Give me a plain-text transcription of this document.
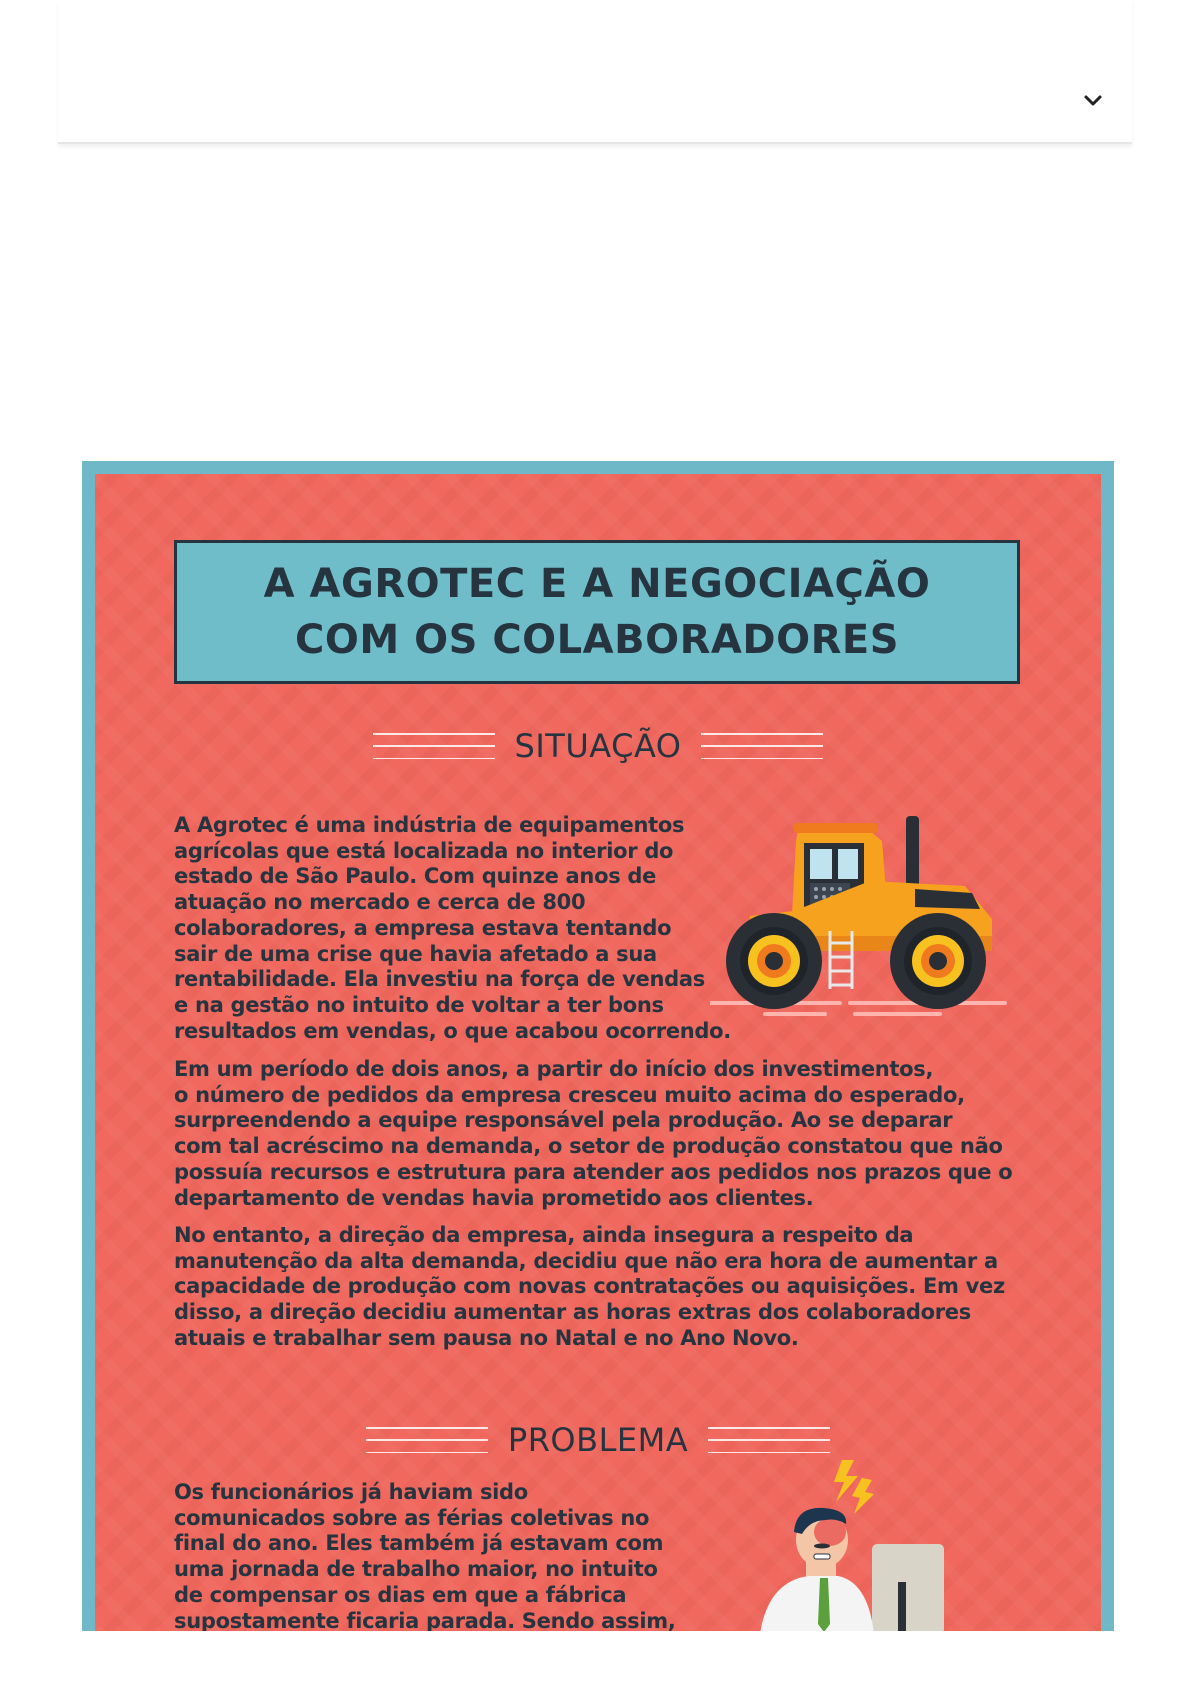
A AGROTEC E A NEGOCIAÇÃO
COM OS COLABORADORES
SITUAÇÃO
A Agrotec é uma indústria de equipamentos
agrícolas que está localizada no interior do
estado de São Paulo. Com quinze anos de
atuação no mercado e cerca de 800
colaboradores, a empresa estava tentando
sair de uma crise que havia afetado a sua
rentabilidade. Ela investiu na força de vendas
e na gestão no intuito de voltar a ter bons
resultados em vendas, o que acabou ocorrendo.
Em um período de dois anos, a partir do início dos investimentos,
o número de pedidos da empresa cresceu muito acima do esperado,
surpreendendo a equipe responsável pela produção. Ao se deparar
com tal acréscimo na demanda, o setor de produção constatou que não
possuía recursos e estrutura para atender aos pedidos nos prazos que o
departamento de vendas havia prometido aos clientes.
No entanto, a direção da empresa, ainda insegura a respeito da
manutenção da alta demanda, decidiu que não era hora de aumentar a
capacidade de produção com novas contratações ou aquisições. Em vez
disso, a direção decidiu aumentar as horas extras dos colaboradores
atuais e trabalhar sem pausa no Natal e no Ano Novo.
PROBLEMA
Os funcionários já haviam sido
comunicados sobre as férias coletivas no
final do ano. Eles também já estavam com
uma jornada de trabalho maior, no intuito
de compensar os dias em que a fábrica
supostamente ficaria parada. Sendo assim,
